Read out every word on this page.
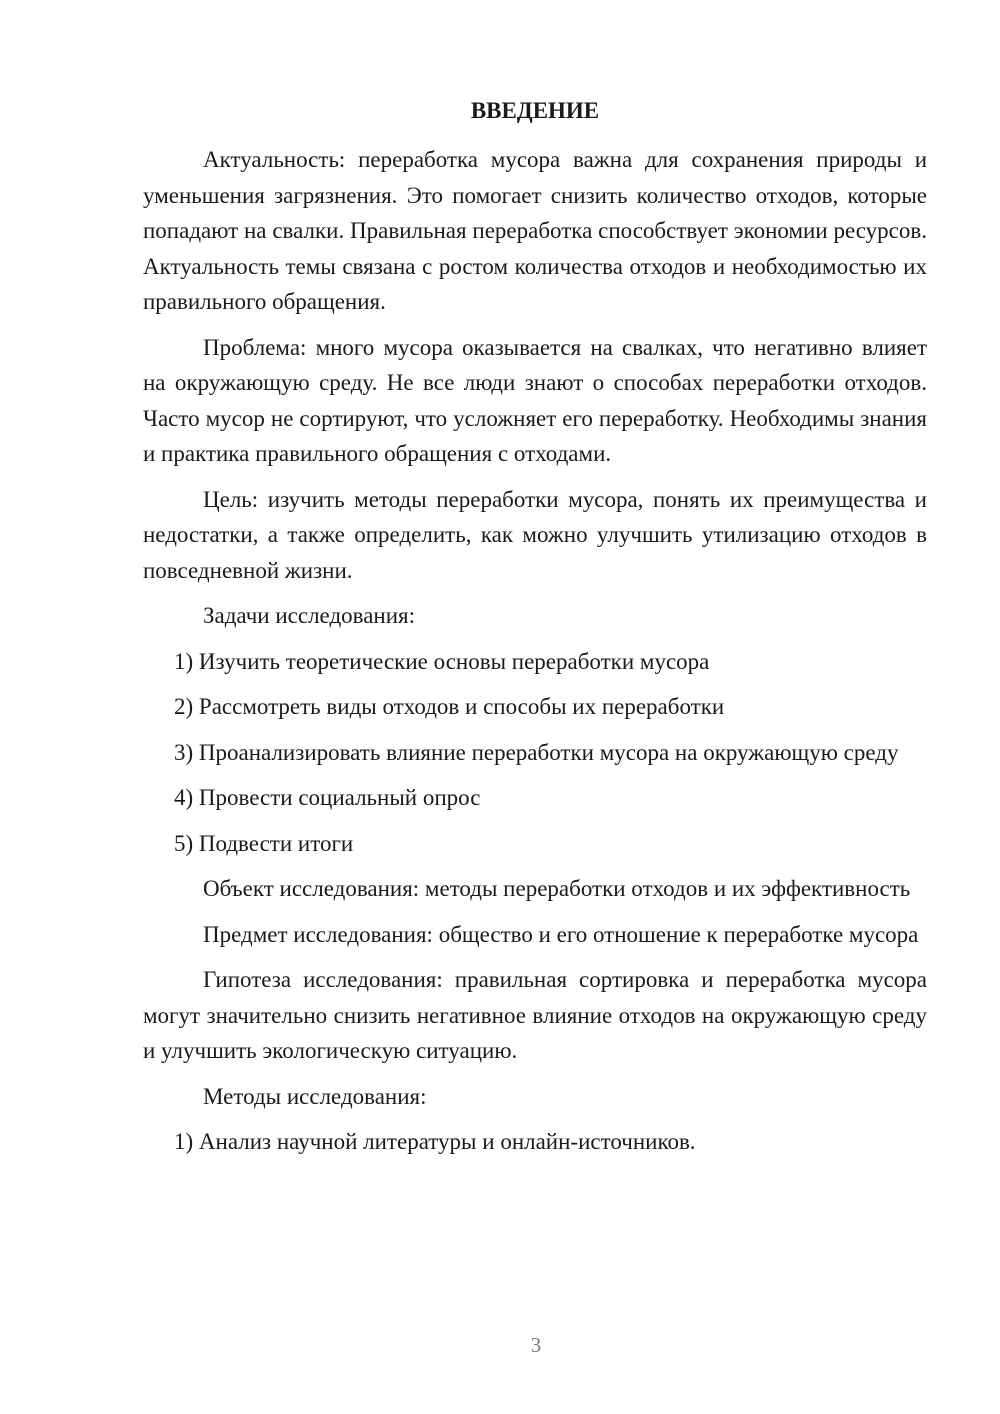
ВВЕДЕНИЕ

Актуальность: переработка мусора важна для сохранения природы и уменьшения загрязнения. Это помогает снизить количество отходов, которые попадают на свалки. Правильная переработка способствует экономии ресурсов. Актуальность темы связана с ростом количества отходов и необходимостью их правильного обращения.

Проблема: много мусора оказывается на свалках, что негативно влияет на окружающую среду. Не все люди знают о способах переработки отходов. Часто мусор не сортируют, что усложняет его переработку. Необходимы знания и практика правильного обращения с отходами.

Цель: изучить методы переработки мусора, понять их преимущества и недостатки, а также определить, как можно улучшить утилизацию отходов в повседневной жизни.

Задачи исследования:

1) Изучить теоретические основы переработки мусора

2) Рассмотреть виды отходов и способы их переработки

3) Проанализировать влияние переработки мусора на окружающую среду

4) Провести социальный опрос

5) Подвести итоги

Объект исследования: методы переработки отходов и их эффективность

Предмет исследования: общество и его отношение к переработке мусора

Гипотеза исследования: правильная сортировка и переработка мусора могут значительно снизить негативное влияние отходов на окружающую среду и улучшить экологическую ситуацию.

Методы исследования:

1) Анализ научной литературы и онлайн-источников.

3
